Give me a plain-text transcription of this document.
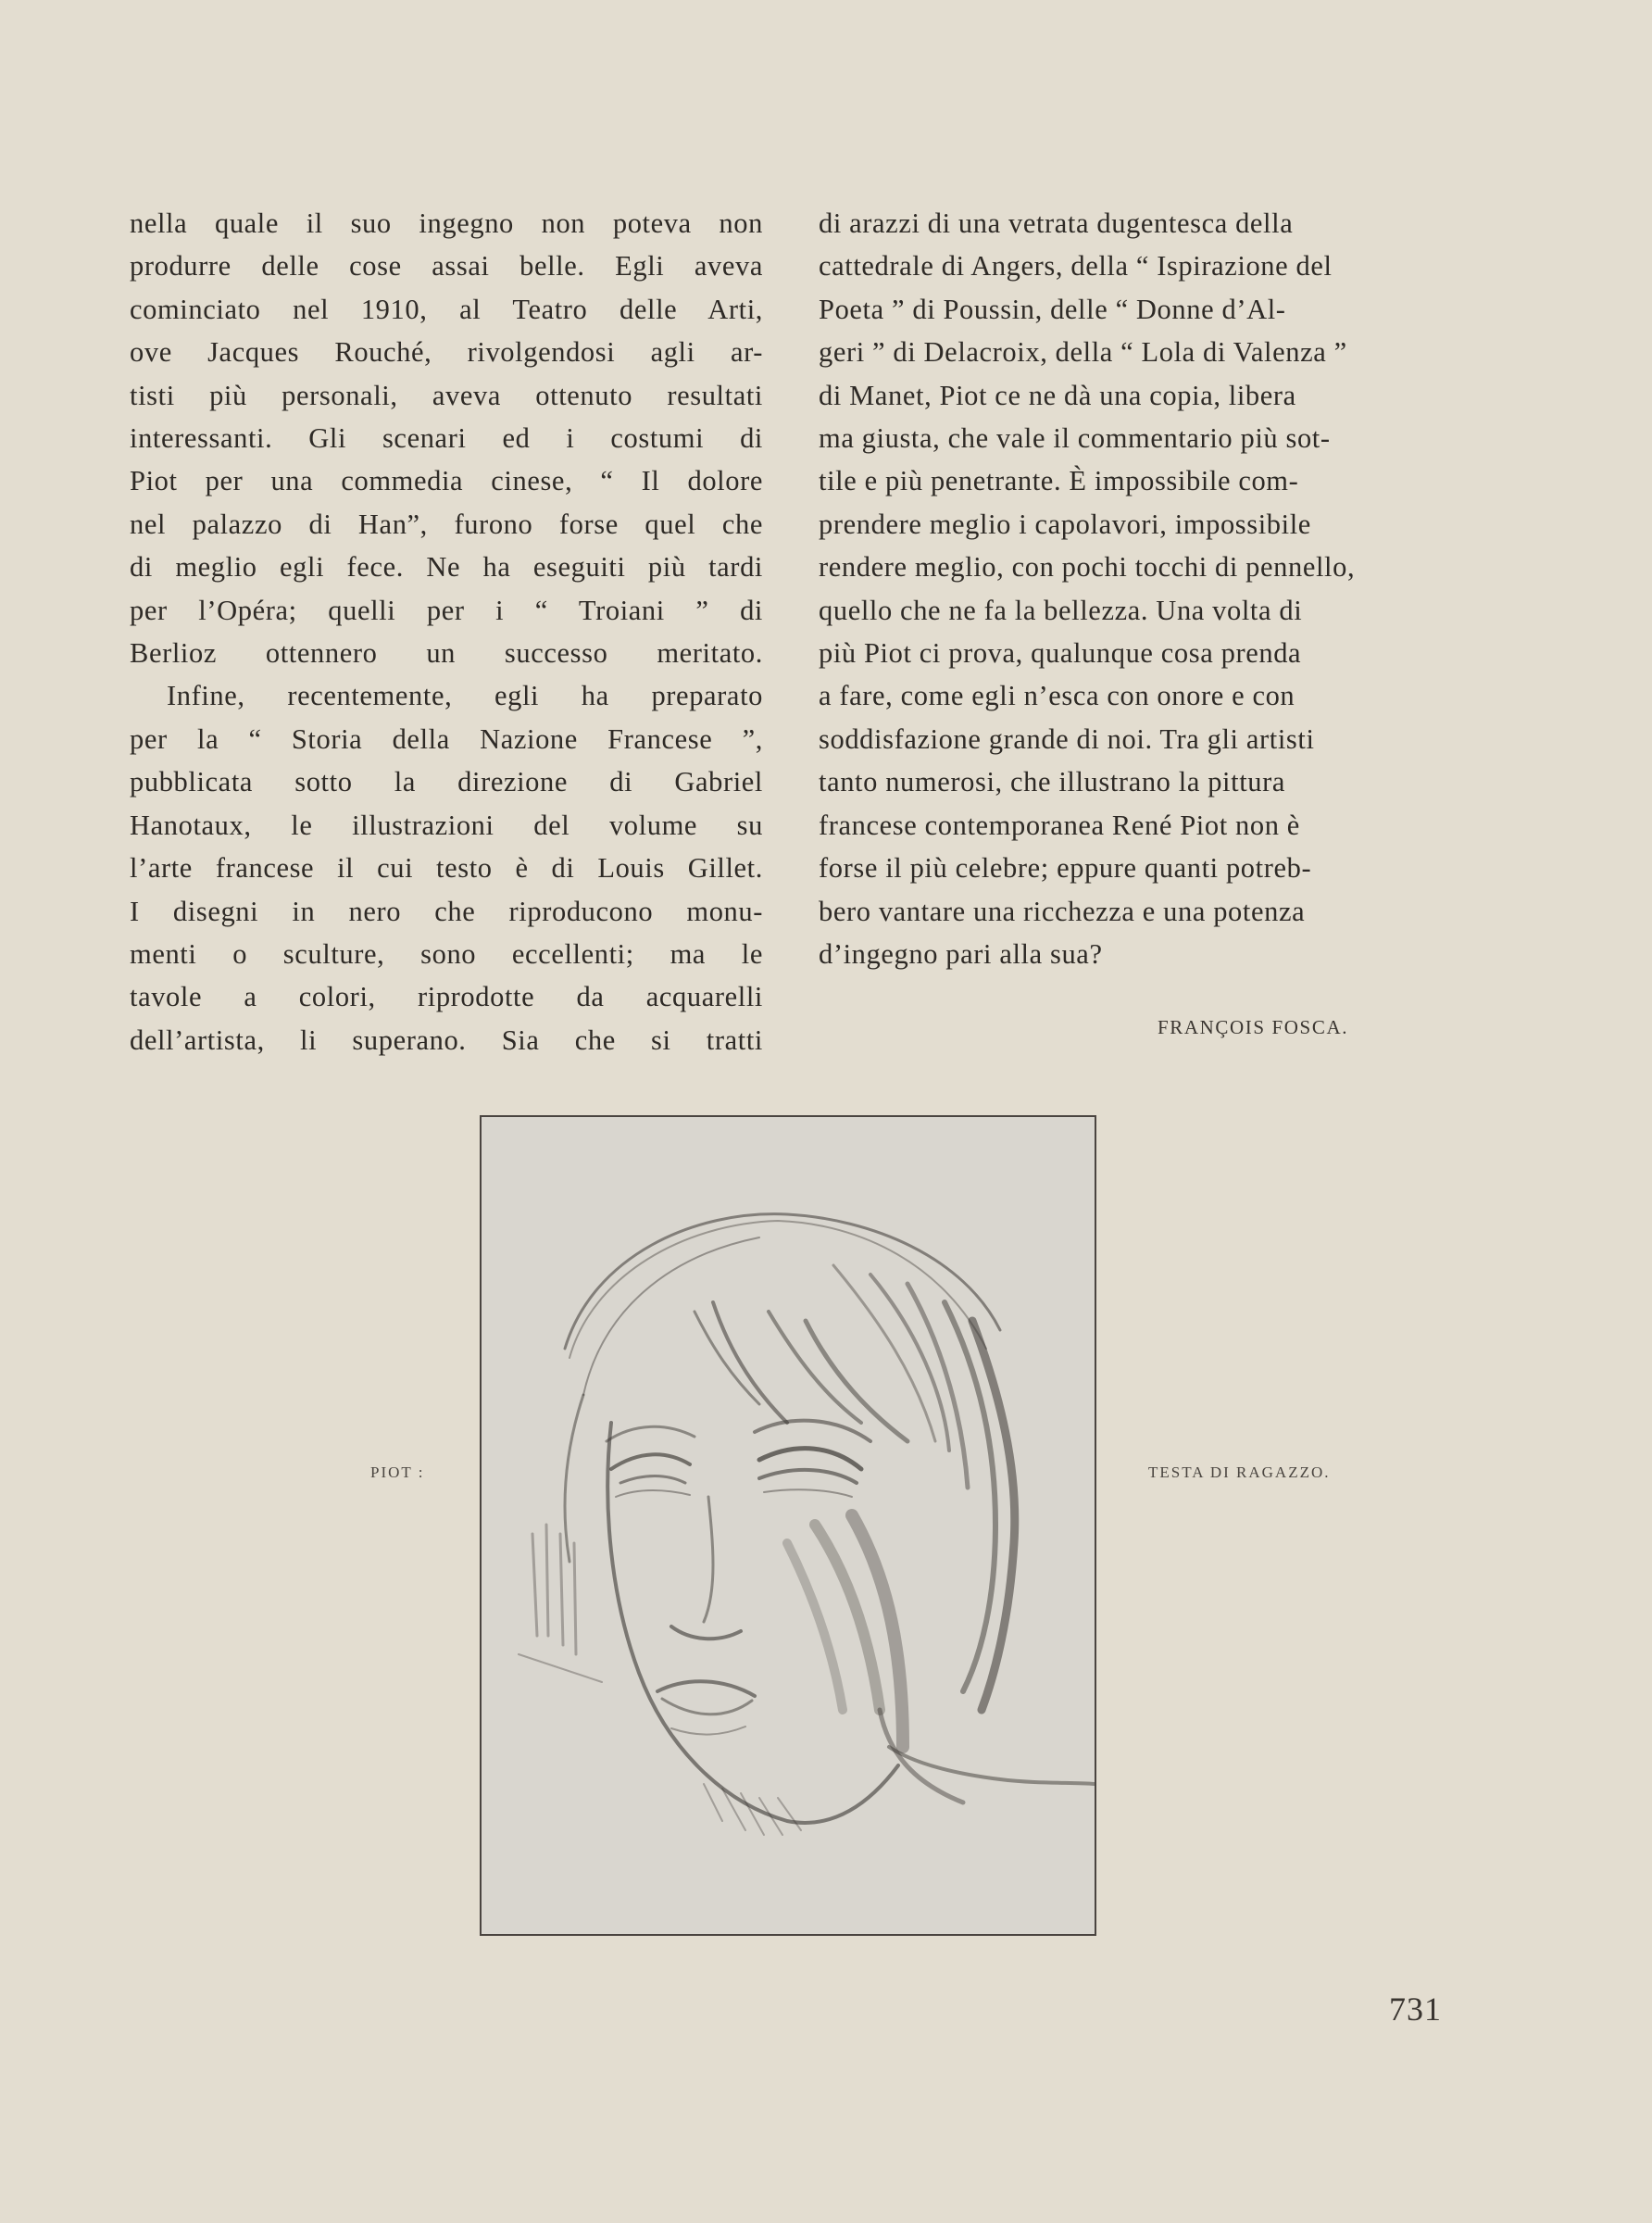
nella quale il suo ingegno non poteva non
produrre delle cose assai belle. Egli aveva
cominciato nel 1910, al Teatro delle Arti,
ove Jacques Rouché, rivolgendosi agli ar-
tisti più personali, aveva ottenuto resultati
interessanti. Gli scenari ed i costumi di
Piot per una commedia cinese, “ Il dolore
nel palazzo di Han”, furono forse quel che
di meglio egli fece. Ne ha eseguiti più tardi
per l’Opéra; quelli per i “ Troiani ” di
Berlioz ottennero un successo meritato.

Infine, recentemente, egli ha preparato
per la “ Storia della Nazione Francese ”,
pubblicata sotto la direzione di Gabriel
Hanotaux, le illustrazioni del volume su
l’arte francese il cui testo è di Louis Gillet.
I disegni in nero che riproducono monu-
menti o sculture, sono eccellenti; ma le
tavole a colori, riprodotte da acquarelli
dell’artista, li superano. Sia che si tratti

di arazzi di una vetrata dugentesca della
cattedrale di Angers, della “ Ispirazione del
Poeta ” di Poussin, delle “ Donne d’Al-
geri ” di Delacroix, della “ Lola di Valenza ”
di Manet, Piot ce ne dà una copia, libera
ma giusta, che vale il commentario più sot-
tile e più penetrante. È impossibile com-
prendere meglio i capolavori, impossibile
rendere meglio, con pochi tocchi di pennello,
quello che ne fa la bellezza. Una volta di
più Piot ci prova, qualunque cosa prenda
a fare, come egli n’esca con onore e con
soddisfazione grande di noi. Tra gli artisti
tanto numerosi, che illustrano la pittura
francese contemporanea René Piot non è
forse il più celebre; eppure quanti potreb-
bero vantare una ricchezza e una potenza
d’ingegno pari alla sua?

FRANÇOIS FOSCA.
PIOT :	TESTA DI RAGAZZO.
731
